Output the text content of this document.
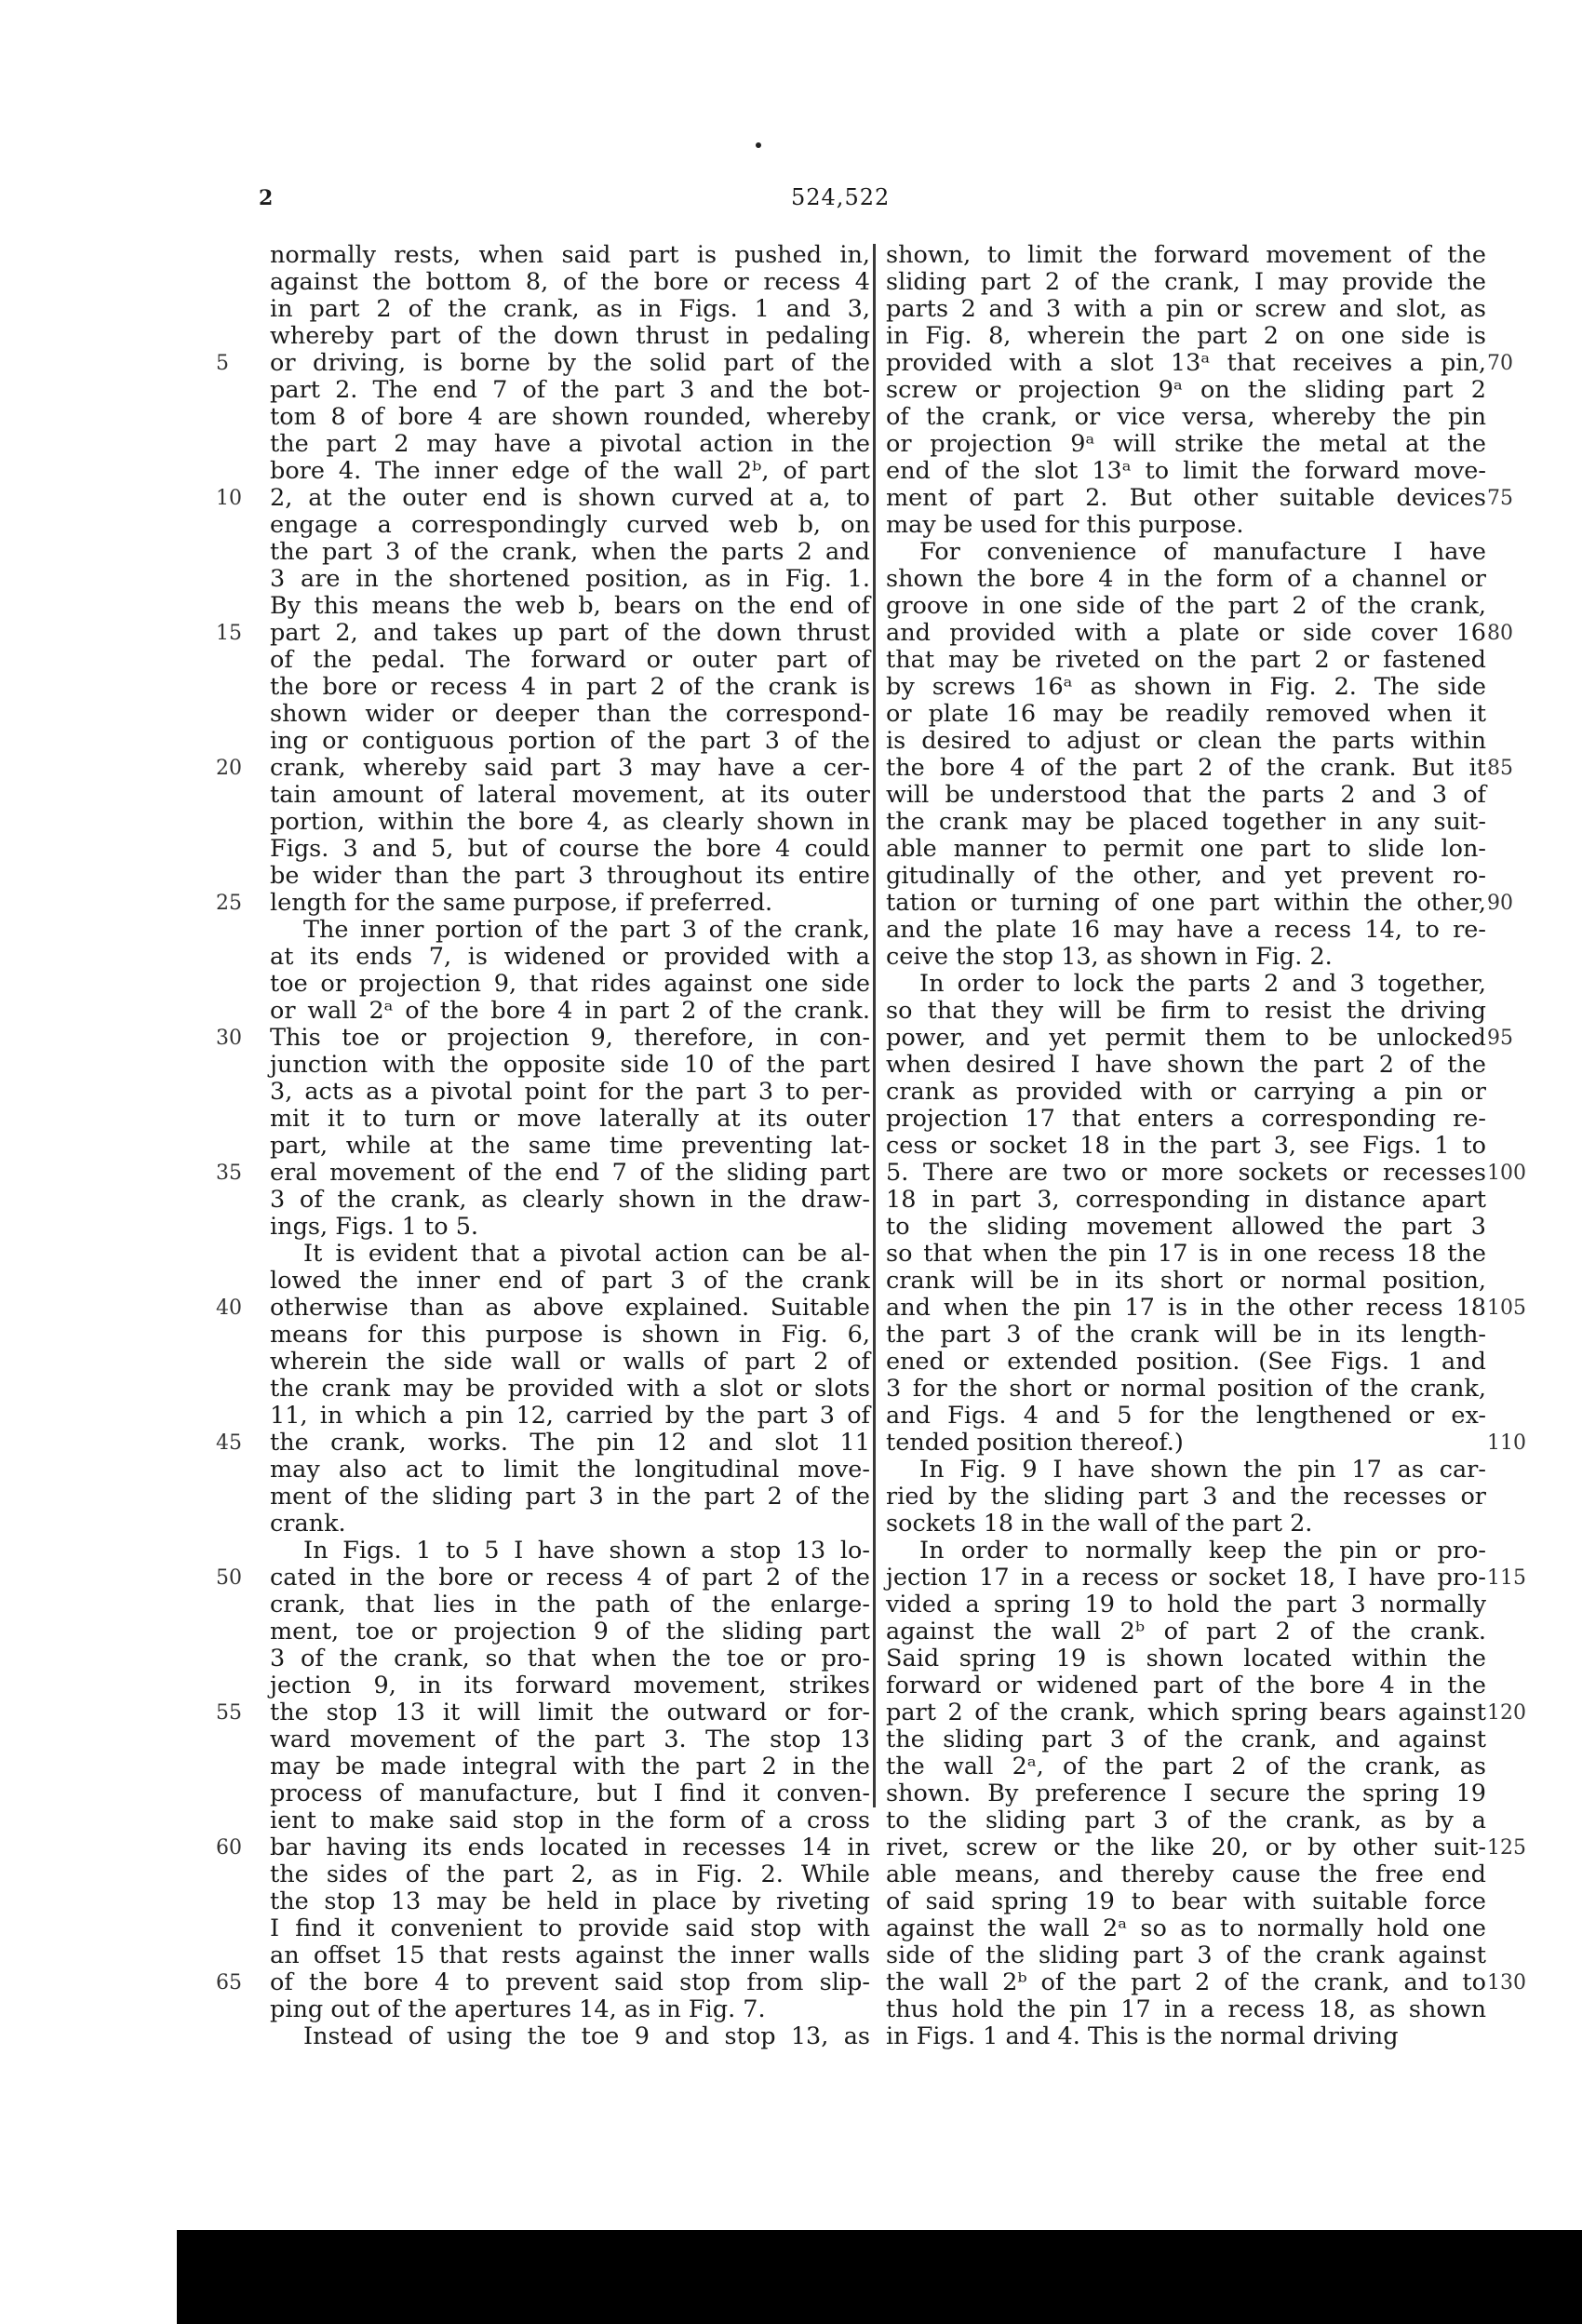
2	524,522
normally rests, when said part is pushed in,
against the bottom 8, of the bore or recess 4
in part 2 of the crank, as in Figs. 1 and 3,
whereby part of the down thrust in pedaling
or driving, is borne by the solid part of the
part 2. The end 7 of the part 3 and the bot-
tom 8 of bore 4 are shown rounded, whereby
the part 2 may have a pivotal action in the
bore 4. The inner edge of the wall 2ᵇ, of part
2, at the outer end is shown curved at a, to
engage a correspondingly curved web b, on
the part 3 of the crank, when the parts 2 and
3 are in the shortened position, as in Fig. 1.
By this means the web b, bears on the end of
part 2, and takes up part of the down thrust
of the pedal. The forward or outer part of
the bore or recess 4 in part 2 of the crank is
shown wider or deeper than the correspond-
ing or contiguous portion of the part 3 of the
crank, whereby said part 3 may have a cer-
tain amount of lateral movement, at its outer
portion, within the bore 4, as clearly shown in
Figs. 3 and 5, but of course the bore 4 could
be wider than the part 3 throughout its entire
length for the same purpose, if preferred.
The inner portion of the part 3 of the crank,
at its ends 7, is widened or provided with a
toe or projection 9, that rides against one side
or wall 2ᵃ of the bore 4 in part 2 of the crank.
This toe or projection 9, therefore, in con-
junction with the opposite side 10 of the part
3, acts as a pivotal point for the part 3 to per-
mit it to turn or move laterally at its outer
part, while at the same time preventing lat-
eral movement of the end 7 of the sliding part
3 of the crank, as clearly shown in the draw-
ings, Figs. 1 to 5.
It is evident that a pivotal action can be al-
lowed the inner end of part 3 of the crank
otherwise than as above explained. Suitable
means for this purpose is shown in Fig. 6,
wherein the side wall or walls of part 2 of
the crank may be provided with a slot or slots
11, in which a pin 12, carried by the part 3 of
the crank, works. The pin 12 and slot 11
may also act to limit the longitudinal move-
ment of the sliding part 3 in the part 2 of the
crank.
In Figs. 1 to 5 I have shown a stop 13 lo-
cated in the bore or recess 4 of part 2 of the
crank, that lies in the path of the enlarge-
ment, toe or projection 9 of the sliding part
3 of the crank, so that when the toe or pro-
jection 9, in its forward movement, strikes
the stop 13 it will limit the outward or for-
ward movement of the part 3. The stop 13
may be made integral with the part 2 in the
process of manufacture, but I find it conven-
ient to make said stop in the form of a cross
bar having its ends located in recesses 14 in
the sides of the part 2, as in Fig. 2. While
the stop 13 may be held in place by riveting
I find it convenient to provide said stop with
an offset 15 that rests against the inner walls
of the bore 4 to prevent said stop from slip-
ping out of the apertures 14, as in Fig. 7.
Instead of using the toe 9 and stop 13, as
shown, to limit the forward movement of the
sliding part 2 of the crank, I may provide the
parts 2 and 3 with a pin or screw and slot, as
in Fig. 8, wherein the part 2 on one side is
provided with a slot 13ᵃ that receives a pin,
screw or projection 9ᵃ on the sliding part 2
of the crank, or vice versa, whereby the pin
or projection 9ᵃ will strike the metal at the
end of the slot 13ᵃ to limit the forward move-
ment of part 2. But other suitable devices
may be used for this purpose.
For convenience of manufacture I have
shown the bore 4 in the form of a channel or
groove in one side of the part 2 of the crank,
and provided with a plate or side cover 16
that may be riveted on the part 2 or fastened
by screws 16ᵃ as shown in Fig. 2. The side
or plate 16 may be readily removed when it
is desired to adjust or clean the parts within
the bore 4 of the part 2 of the crank. But it
will be understood that the parts 2 and 3 of
the crank may be placed together in any suit-
able manner to permit one part to slide lon-
gitudinally of the other, and yet prevent ro-
tation or turning of one part within the other,
and the plate 16 may have a recess 14, to re-
ceive the stop 13, as shown in Fig. 2.
In order to lock the parts 2 and 3 together,
so that they will be firm to resist the driving
power, and yet permit them to be unlocked
when desired I have shown the part 2 of the
crank as provided with or carrying a pin or
projection 17 that enters a corresponding re-
cess or socket 18 in the part 3, see Figs. 1 to
5. There are two or more sockets or recesses
18 in part 3, corresponding in distance apart
to the sliding movement allowed the part 3
so that when the pin 17 is in one recess 18 the
crank will be in its short or normal position,
and when the pin 17 is in the other recess 18
the part 3 of the crank will be in its length-
ened or extended position. (See Figs. 1 and
3 for the short or normal position of the crank,
and Figs. 4 and 5 for the lengthened or ex-
tended position thereof.)
In Fig. 9 I have shown the pin 17 as car-
ried by the sliding part 3 and the recesses or
sockets 18 in the wall of the part 2.
In order to normally keep the pin or pro-
jection 17 in a recess or socket 18, I have pro-
vided a spring 19 to hold the part 3 normally
against the wall 2ᵇ of part 2 of the crank.
Said spring 19 is shown located within the
forward or widened part of the bore 4 in the
part 2 of the crank, which spring bears against
the sliding part 3 of the crank, and against
the wall 2ᵃ, of the part 2 of the crank, as
shown. By preference I secure the spring 19
to the sliding part 3 of the crank, as by a
rivet, screw or the like 20, or by other suit-
able means, and thereby cause the free end
of said spring 19 to bear with suitable force
against the wall 2ᵃ so as to normally hold one
side of the sliding part 3 of the crank against
the wall 2ᵇ of the part 2 of the crank, and to
thus hold the pin 17 in a recess 18, as shown
in Figs. 1 and 4. This is the normal driving
5
10
15
20
25
30
35
40
45
50
55
60
65
70
75
80
85
90
95
100
105
110
115
120
125
130
